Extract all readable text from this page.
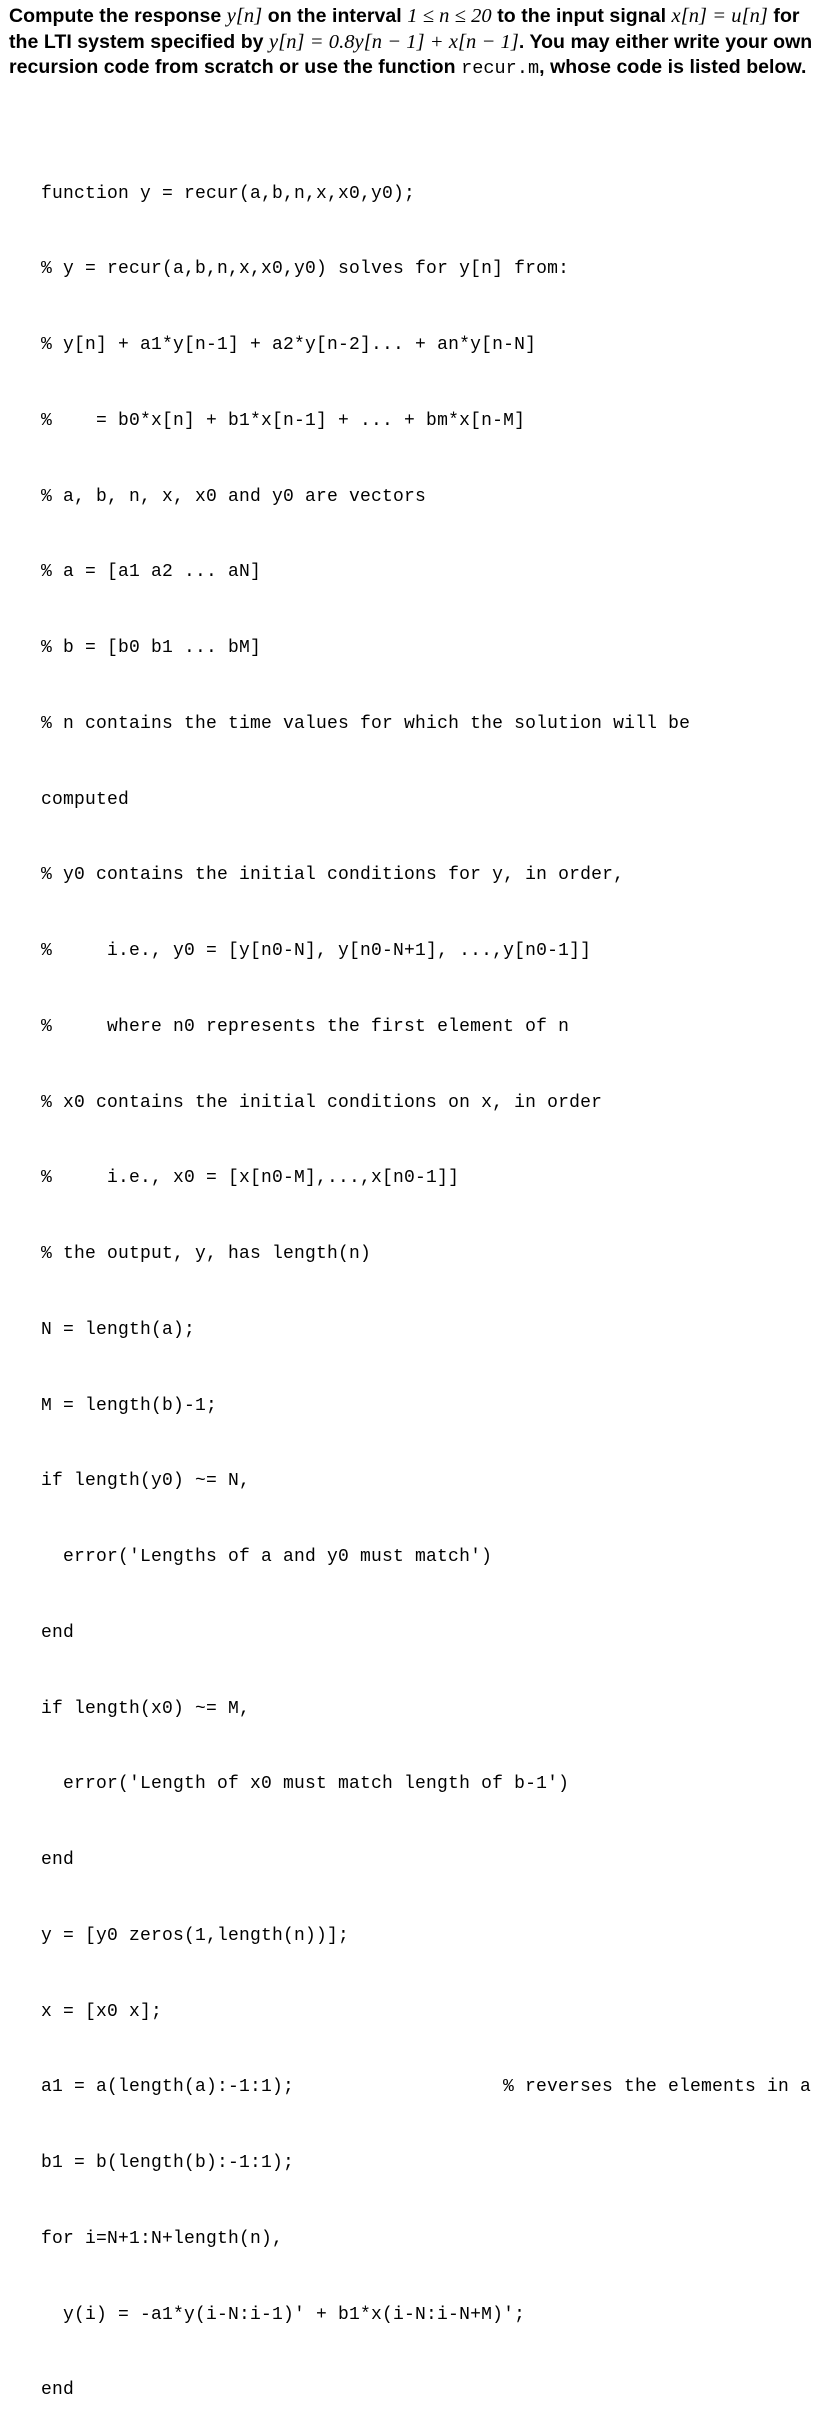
Compute the response y[n] on the interval 1 ≤ n ≤ 20 to the input signal x[n] = u[n] for the LTI system specified by y[n] = 0.8y[n − 1] + x[n − 1]. You may either write your own recursion code from scratch or use the function recur.m, whose code is listed below.

function y = recur(a,b,n,x,x0,y0);

% y = recur(a,b,n,x,x0,y0) solves for y[n] from:

% y[n] + a1*y[n-1] + a2*y[n-2]... + an*y[n-N]

%    = b0*x[n] + b1*x[n-1] + ... + bm*x[n-M]

% a, b, n, x, x0 and y0 are vectors

% a = [a1 a2 ... aN]

% b = [b0 b1 ... bM]

% n contains the time values for which the solution will be

computed

% y0 contains the initial conditions for y, in order,

%     i.e., y0 = [y[n0-N], y[n0-N+1], ...,y[n0-1]]

%     where n0 represents the first element of n

% x0 contains the initial conditions on x, in order

%     i.e., x0 = [x[n0-M],...,x[n0-1]]

% the output, y, has length(n)

N = length(a);

M = length(b)-1;

if length(y0) ~= N,

error('Lengths of a and y0 must match')

end

if length(x0) ~= M,

error('Length of x0 must match length of b-1')

end

y = [y0 zeros(1,length(n))];

x = [x0 x];

a1 = a(length(a):-1:1);	% reverses the elements in a

b1 = b(length(b):-1:1);

for i=N+1:N+length(n),

y(i) = -a1*y(i-N:i-1)' + b1*x(i-N:i-N+M)';

end
